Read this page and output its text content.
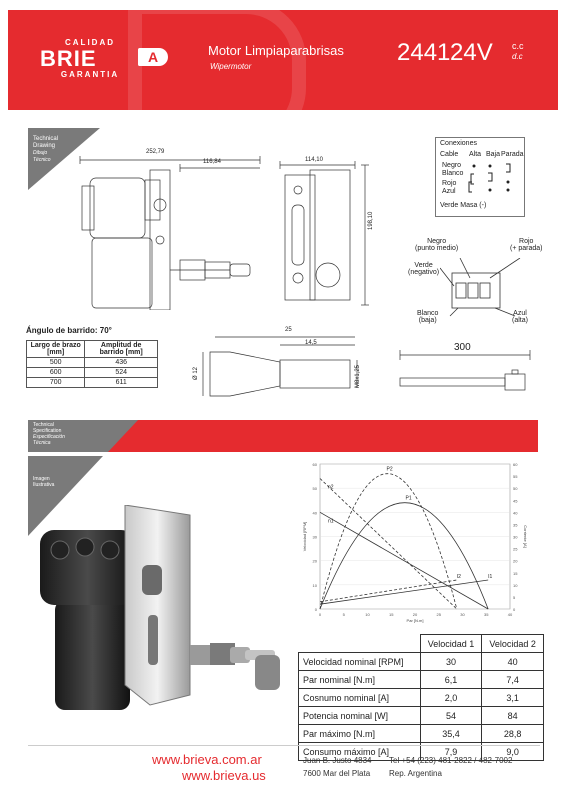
CALIDAD
BRIE	A
GARANTIA
Motor Limpiaparabrisas
Wipermotor
2441 24V c.c
d.c
Technical
Drawing
Dibujo
Técnico
252,79
116,84	114,10
198,10
Conexiones
Cable Alta Baja Parada
Negro
Blanco
Rojo
Azul
Verde Masa (-)
Negro
(punto medio)
Rojo
(+ parada)
Verde
(negativo)
Blanco
(baja)
Azul
(alta)
Ángulo de barrido: 70°
Largo de brazo [mm]	Amplitud de barrido [mm]
500	436
600	524
700	611
25
14,5
Ø 12	M8x1,25
300
Technical
Specification
Especificación
Técnica
Imagen
Ilustrativa
0
10
20
30
40
50
60
0
5
10
15
20
25
30
35
40
45
50
55
60
0	5	10	15	20	25	30	35	40
Par [N.m]
Velocidad [RPM]	Corriente [A]
n2
n1
P2
P1
I2	I1
	Velocidad 1	Velocidad 2
Velocidad nominal [RPM]	30	40
Par nominal [N.m]	6,1	7,4
Cosnumo nominal [A]	2,0	3,1
Potencia nominal [W]	54	84
Par máximo [N.m]	35,4	28,8
Consumo máximo [A]	7,9	9,0
www.brieva.com.ar
www.brieva.us
Juan B. Justo 4834
7600 Mar del Plata
Tel +54 (223) 481-2822 / 482-7002
Rep. Argentina
